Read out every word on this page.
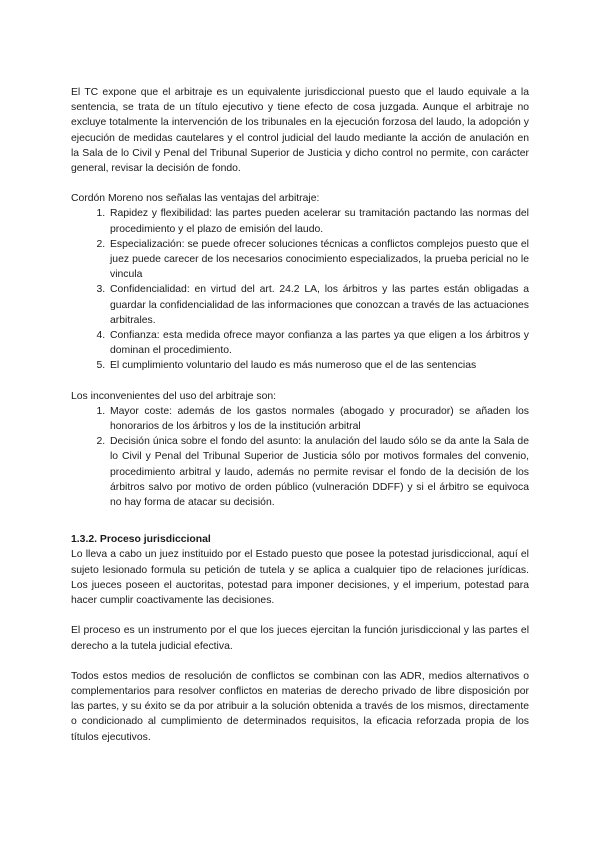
El TC expone que el arbitraje es un equivalente jurisdiccional puesto que el laudo equivale a la sentencia, se trata de un título ejecutivo y tiene efecto de cosa juzgada. Aunque el arbitraje no excluye totalmente la intervención de los tribunales en la ejecución forzosa del laudo, la adopción y ejecución de medidas cautelares y el control judicial del laudo mediante la acción de anulación en la Sala de lo Civil y Penal del Tribunal Superior de Justicia y dicho control no permite, con carácter general, revisar la decisión de fondo.

Cordón Moreno nos señalas las ventajas del arbitraje:

1. Rapidez y flexibilidad: las partes pueden acelerar su tramitación pactando las normas del procedimiento y el plazo de emisión del laudo.
2. Especialización: se puede ofrecer soluciones técnicas a conflictos complejos puesto que el juez puede carecer de los necesarios conocimiento especializados, la prueba pericial no le vincula
3. Confidencialidad: en virtud del art. 24.2 LA, los árbitros y las partes están obligadas a guardar la confidencialidad de las informaciones que conozcan a través de las actuaciones arbitrales.
4. Confianza: esta medida ofrece mayor confianza a las partes ya que eligen a los árbitros y dominan el procedimiento.
5. El cumplimiento voluntario del laudo es más numeroso que el de las sentencias

Los inconvenientes del uso del arbitraje son:

1. Mayor coste: además de los gastos normales (abogado y procurador) se añaden los honorarios de los árbitros y los de la institución arbitral
2. Decisión única sobre el fondo del asunto: la anulación del laudo sólo se da ante la Sala de lo Civil y Penal del Tribunal Superior de Justicia sólo por motivos formales del convenio, procedimiento arbitral y laudo, además no permite revisar el fondo de la decisión de los árbitros salvo por motivo de orden público (vulneración DDFF) y si el árbitro se equivoca no hay forma de atacar su decisión.
1.3.2. Proceso jurisdiccional

Lo lleva a cabo un juez instituido por el Estado puesto que posee la potestad jurisdiccional, aquí el sujeto lesionado formula su petición de tutela y se aplica a cualquier tipo de relaciones jurídicas. Los jueces poseen el auctoritas, potestad para imponer decisiones, y el imperium, potestad para hacer cumplir coactivamente las decisiones.

El proceso es un instrumento por el que los jueces ejercitan la función jurisdiccional y las partes el derecho a la tutela judicial efectiva.

Todos estos medios de resolución de conflictos se combinan con las ADR, medios alternativos o complementarios para resolver conflictos en materias de derecho privado de libre disposición por las partes, y su éxito se da por atribuir a la solución obtenida a través de los mismos, directamente o condicionado al cumplimiento de determinados requisitos, la eficacia reforzada propia de los títulos ejecutivos.
